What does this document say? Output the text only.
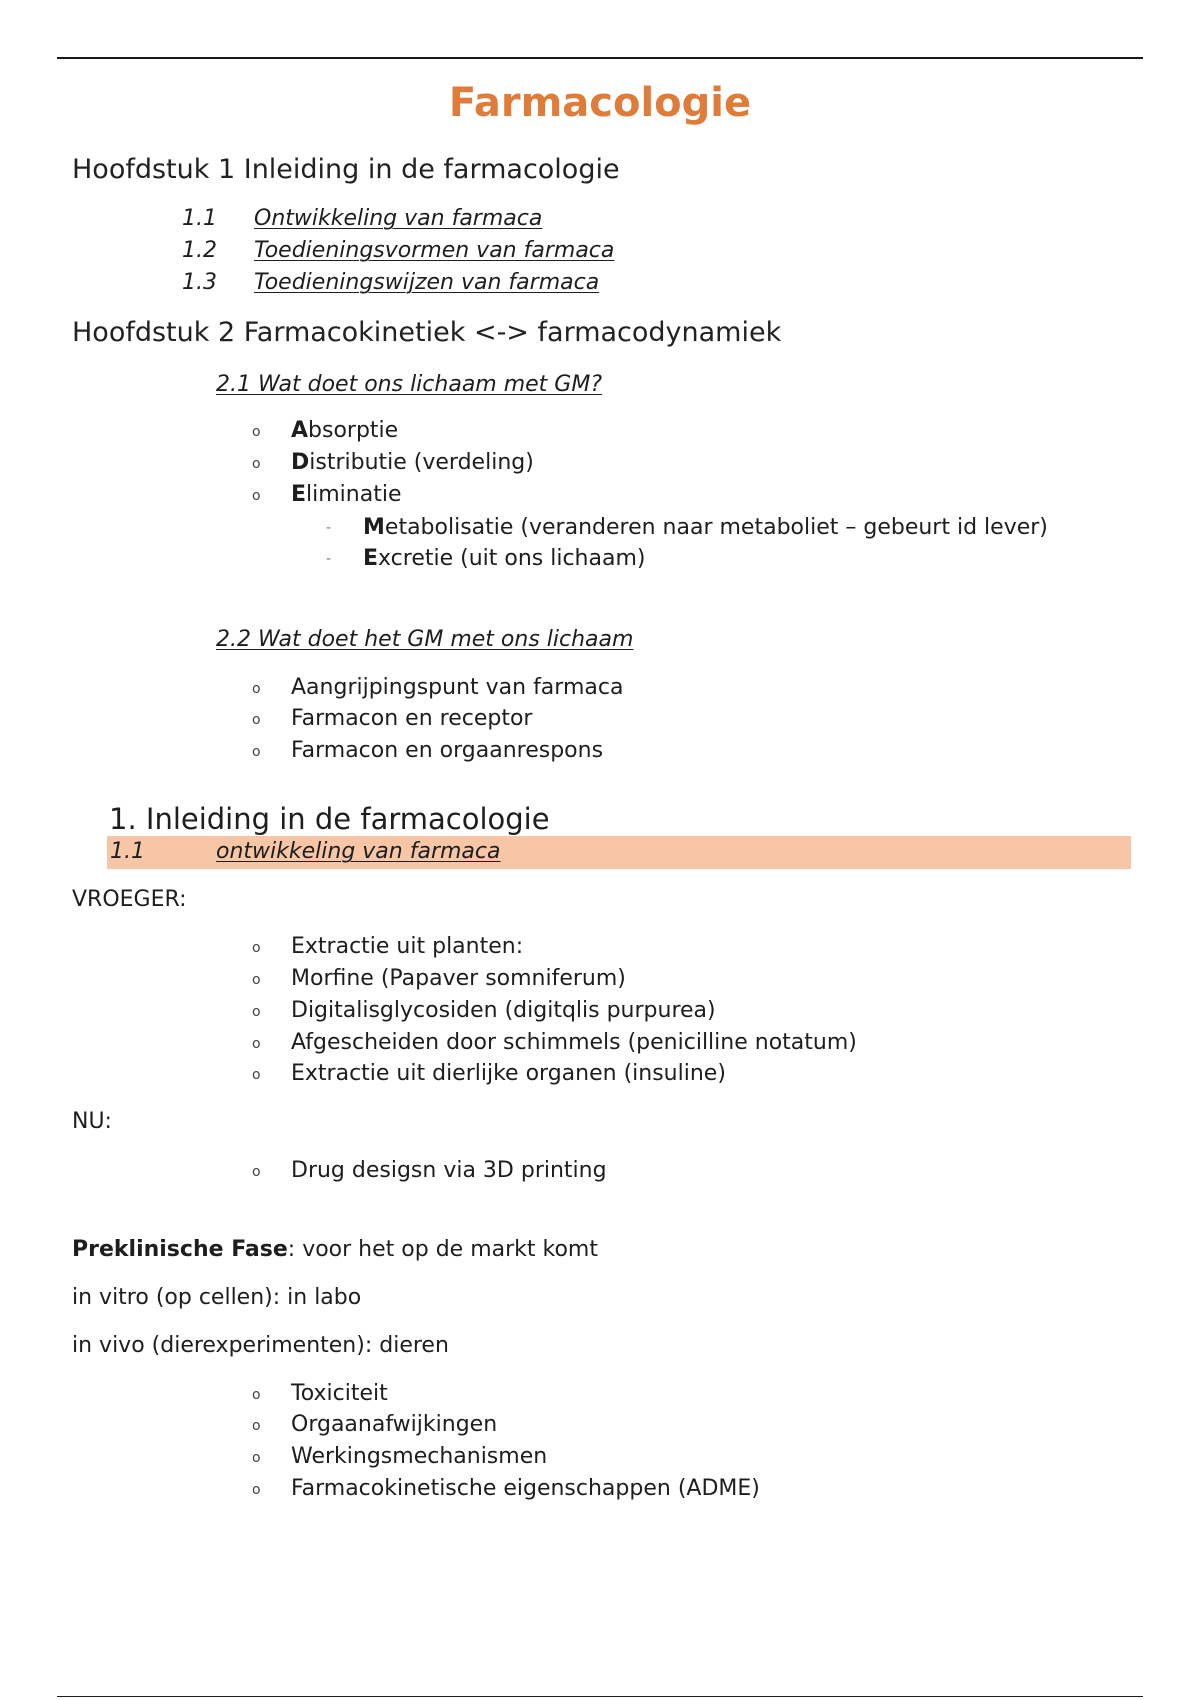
Farmacologie
Hoofdstuk 1 Inleiding in de farmacologie
1.1 Ontwikkeling van farmaca
1.2 Toedieningsvormen van farmaca
1.3 Toedieningswijzen van farmaca
Hoofdstuk 2 Farmacokinetiek <-> farmacodynamiek
2.1 Wat doet ons lichaam met GM?
o Absorptie
o Distributie (verdeling)
o Eliminatie
- Metabolisatie (veranderen naar metaboliet – gebeurt id lever)
- Excretie (uit ons lichaam)
2.2 Wat doet het GM met ons lichaam
o Aangrijpingspunt van farmaca
o Farmacon en receptor
o Farmacon en orgaanrespons
1. Inleiding in de farmacologie
1.1	ontwikkeling van farmaca
VROEGER:
o Extractie uit planten:
o Morfine (Papaver somniferum)
o Digitalisglycosiden (digitqlis purpurea)
o Afgescheiden door schimmels (penicilline notatum)
o Extractie uit dierlijke organen (insuline)
NU:
o Drug desigsn via 3D printing
Preklinische Fase: voor het op de markt komt
in vitro (op cellen): in labo
in vivo (dierexperimenten): dieren
o Toxiciteit
o Orgaanafwijkingen
o Werkingsmechanismen
o Farmacokinetische eigenschappen (ADME)
